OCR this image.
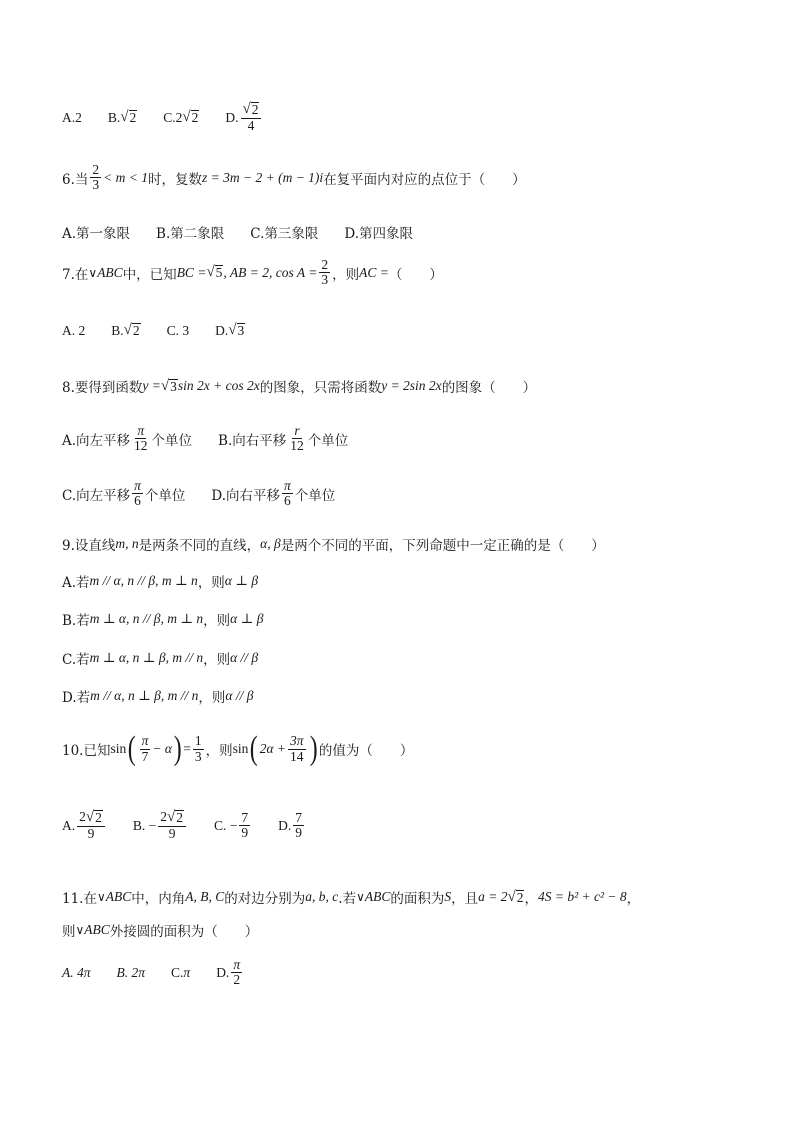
A.2 B. √ 2 C. 2 √ 2 D. $\frac{√ 2}{4}$
6.当 $\frac{2}{3} < m < 1$ 时，复数 z = 3m − 2 + (m − 1)i 在复平面内对应的点位于（　　）
A.第一象限 B.第二象限 C.第三象限 D.第四象限
7.在 ∨ ABC 中，已知 BC = √ 5 , AB = 2, $\cos A = \frac{2}{3}$ ，则 AC = （　　）
A. 2 B. √ 2 C. 3 D. √ 3
8.要得到函数 y = √ 3 sin 2x + cos 2x 的图象，只需将函数 y = 2sin 2x 的图象（　　）
A.向左平移 $\frac{\pi}{12}$ 个单位 B.向右平移 $\frac{r}{12}$ 个单位
C.向左平移 $\frac{\pi}{6}$ 个单位 D.向右平移 $\frac{\pi}{6}$ 个单位
9.设直线 m, n 是两条不同的直线， α, β 是两个不同的平面，下列命题中一定正确的是（　　）
A.若 m // α, n // β, m ⊥ n ，则 α ⊥ β
B.若 m ⊥ α, n // β, m ⊥ n ，则 α ⊥ β
C.若 m ⊥ α, n ⊥ β, m // n ，则 α // β
D.若 m // α, n ⊥ β, m // n ，则 α // β
10.已知 sin ( $\frac{\pi}{7} - \alpha$ ) = $\frac{1}{3}$ ，则 sin ( $2\alpha + \frac{3\pi}{14}$ ) 的值为（　　）
A. $\frac{2 √ 2}{9} B$. − $\frac{2 √ 2}{9} C$. − $\frac{7}{9} D$. $\frac{7}{9}$
11.在 ∨ ABC 中，内角 A, B, C 的对边分别为 a, b, c .若 ∨ ABC 的面积为 S ，且 a = 2 √ 2 ， 4S = b² + c² − 8 ，
则 ∨ ABC 外接圆的面积为（　　）
A. 4π B. 2π C. π D. $\frac{\pi}{2}$
